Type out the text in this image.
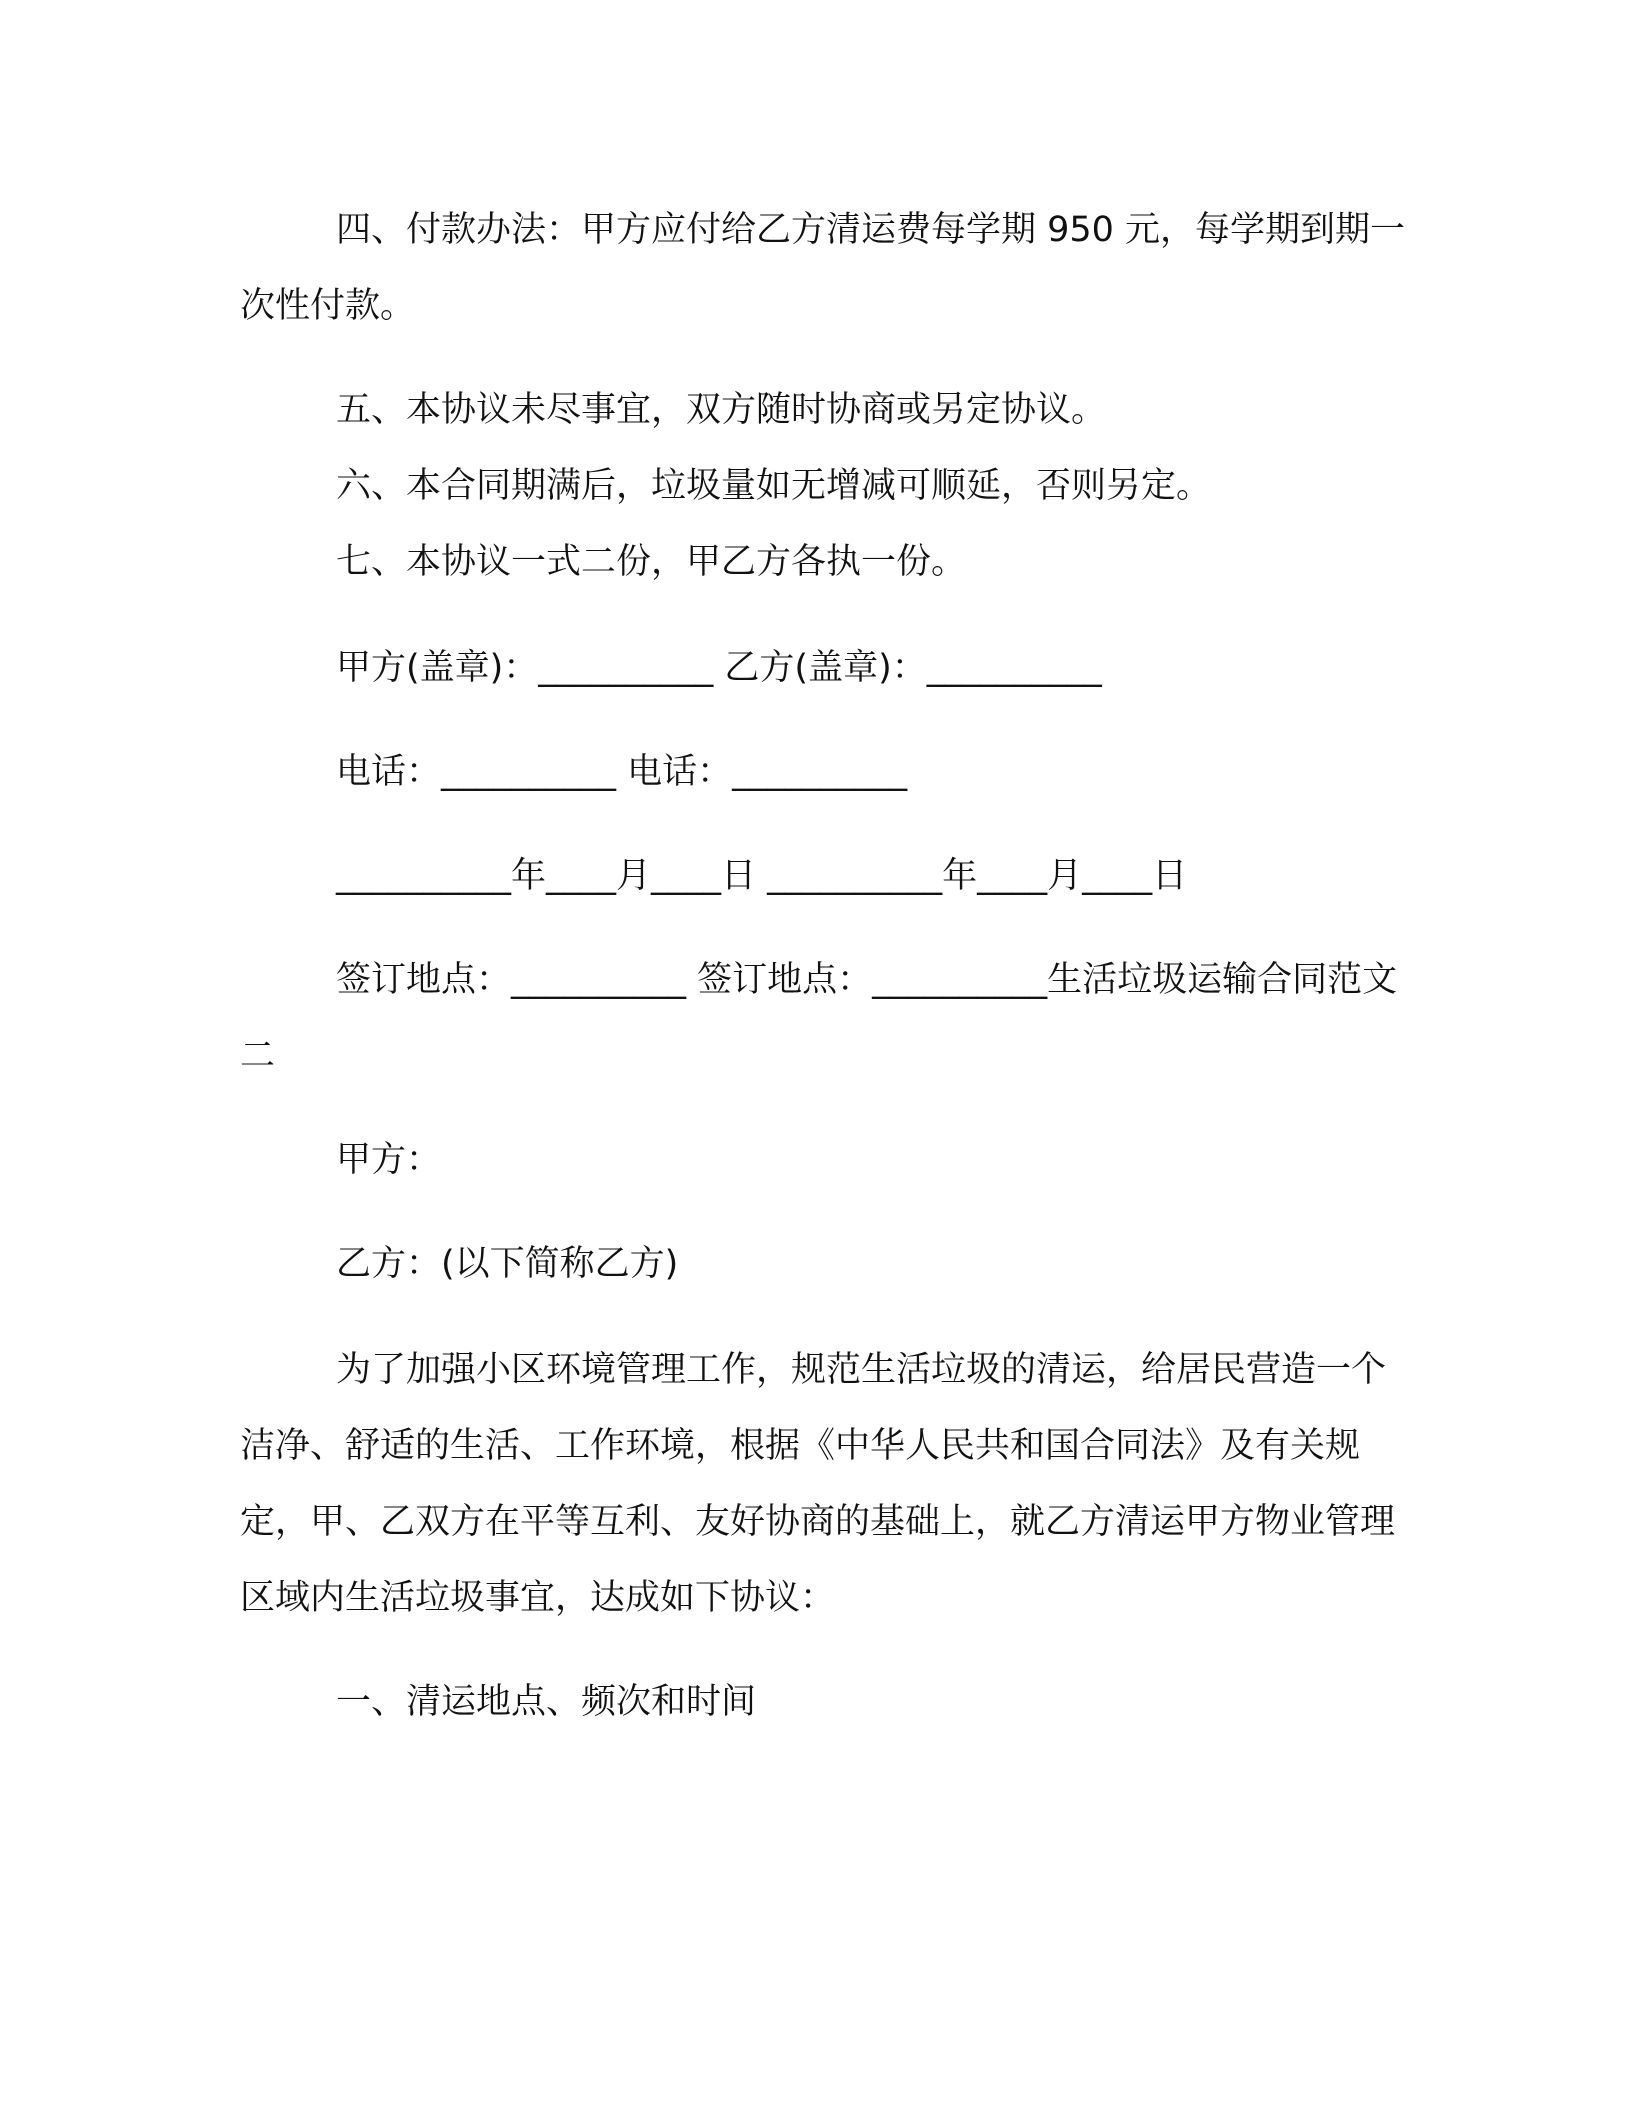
四、付款办法：甲方应付给乙方清运费每学期 950 元，每学期到期一次性付款。

五、本协议未尽事宜，双方随时协商或另定协议。

六、本合同期满后，垃圾量如无增减可顺延，否则另定。

七、本协议一式二份，甲乙方各执一份。

甲方(盖章)：__________ 乙方(盖章)：__________

电话：__________ 电话：__________

__________年____月____日 __________年____月____日

签订地点：__________ 签订地点：__________生活垃圾运输合同范文二

甲方：

乙方：(以下简称乙方)

为了加强小区环境管理工作，规范生活垃圾的清运，给居民营造一个洁净、舒适的生活、工作环境，根据《中华人民共和国合同法》及有关规定，甲、乙双方在平等互利、友好协商的基础上，就乙方清运甲方物业管理区域内生活垃圾事宜，达成如下协议：

一、清运地点、频次和时间
